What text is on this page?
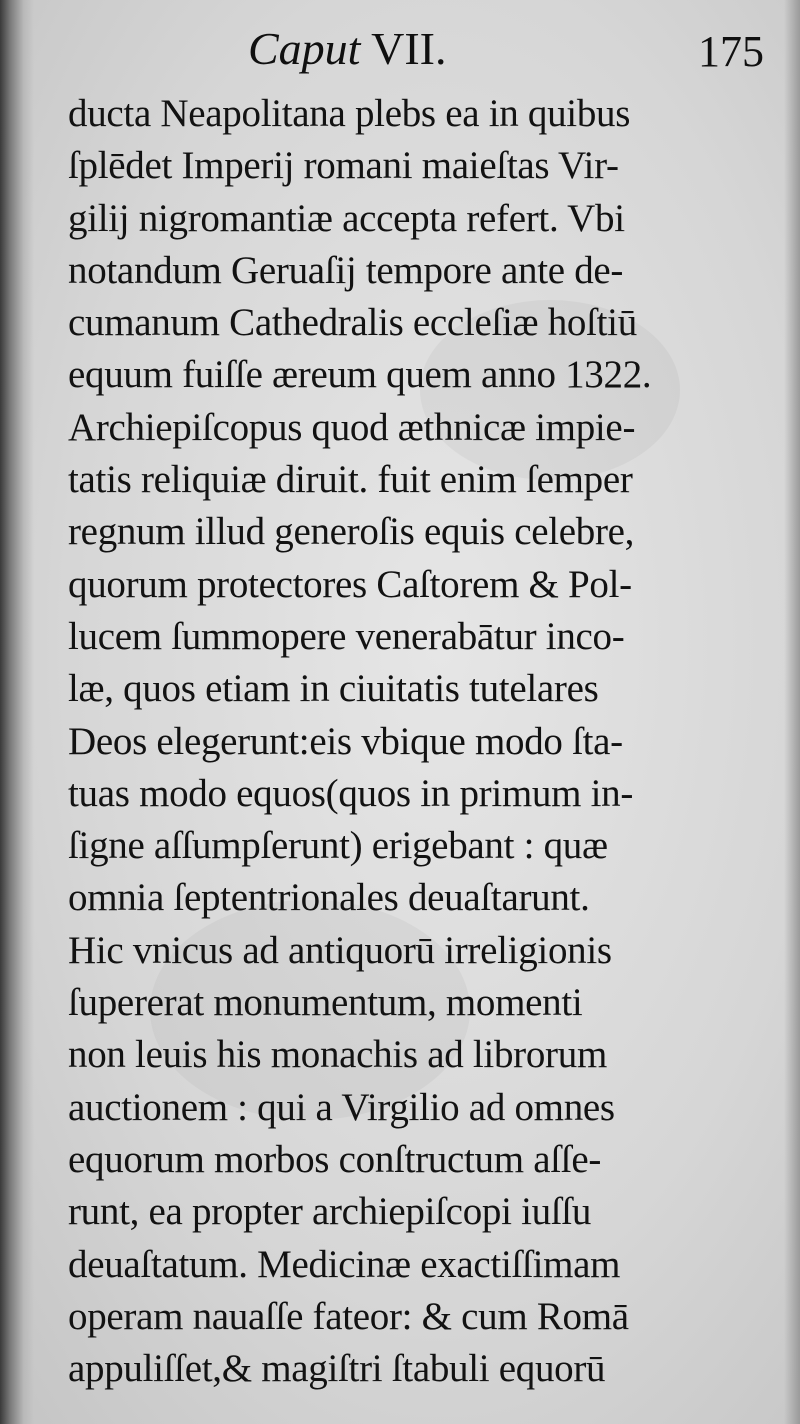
Caput VII.	175
ducta Neapolitana plebs ea in quibus
ſplēdet Imperij romani maieſtas Vir-
gilij nigromantiæ accepta refert. Vbi
notandum Geruaſij tempore ante de-
cumanum Cathedralis eccleſiæ hoſtiū
equum fuiſſe æreum quem anno 1322.
Archiepiſcopus quod æthnicæ impie-
tatis reliquiæ diruit. fuit enim ſemper
regnum illud generoſis equis celebre,
quorum protectores Caſtorem & Pol-
lucem ſummopere venerabātur inco-
læ, quos etiam in ciuitatis tutelares
Deos elegerunt:eis vbique modo ſta-
tuas modo equos(quos in primum in-
ſigne aſſumpſerunt) erigebant : quæ
omnia ſeptentrionales deuaſtarunt.
Hic vnicus ad antiquorū irreligionis
ſupererat monumentum, momenti
non leuis his monachis ad librorum
auctionem : qui a Virgilio ad omnes
equorum morbos conſtructum aſſe-
runt, ea propter archiepiſcopi iuſſu
deuaſtatum. Medicinæ exactiſſimam
operam nauaſſe fateor: & cum Romā
appuliſſet,& magiſtri ſtabuli equorū
